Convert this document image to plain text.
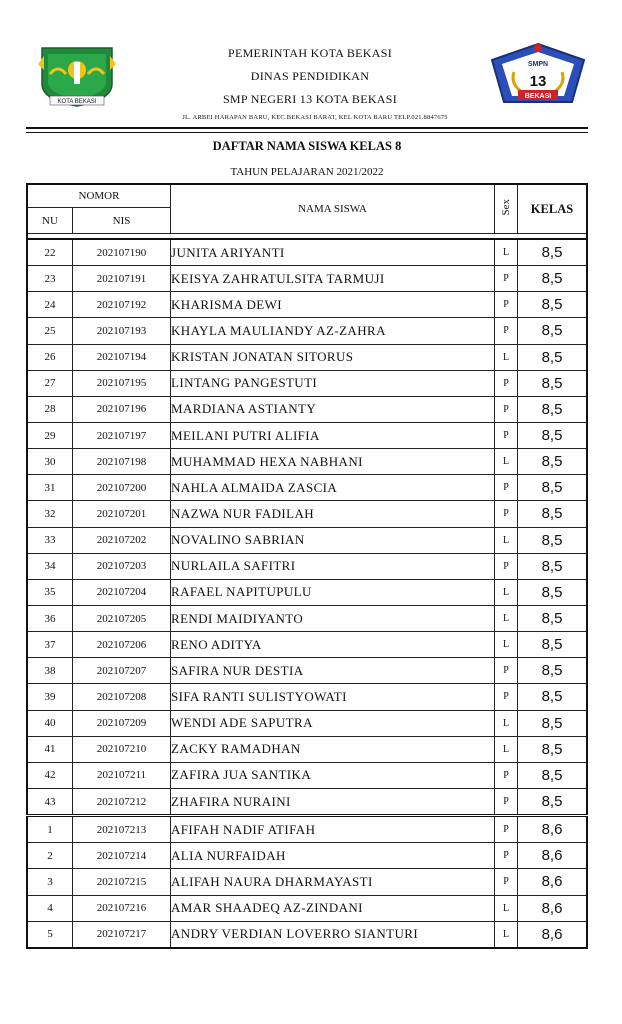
KOTA BEKASI
PEMERINTAH KOTA BEKASI
DINAS PENDIDIKAN
SMP NEGERI 13 KOTA BEKASI
JL. ARBEI HARAPAN BARU, KEC.BEKASI BARAT, KEL KOTA BARU TELP.021.8847675
SMPN
13
BEKASI
DAFTAR NAMA SISWA KELAS 8
TAHUN PELAJARAN 2021/2022
NOMOR		NAMA SISWA	Sex	KELAS
NU	NIS			

22	202107190	JUNITA ARIYANTI	L	8,5
23	202107191	KEISYA ZAHRATULSITA TARMUJI	P	8,5
24	202107192	KHARISMA DEWI	P	8,5
25	202107193	KHAYLA MAULIANDY AZ-ZAHRA	P	8,5
26	202107194	KRISTAN JONATAN SITORUS	L	8,5
27	202107195	LINTANG PANGESTUTI	P	8,5
28	202107196	MARDIANA ASTIANTY	P	8,5
29	202107197	MEILANI PUTRI ALIFIA	P	8,5
30	202107198	MUHAMMAD HEXA NABHANI	L	8,5
31	202107200	NAHLA ALMAIDA ZASCIA	P	8,5
32	202107201	NAZWA NUR FADILAH	P	8,5
33	202107202	NOVALINO SABRIAN	L	8,5
34	202107203	NURLAILA SAFITRI	P	8,5
35	202107204	RAFAEL NAPITUPULU	L	8,5
36	202107205	RENDI MAIDIYANTO	L	8,5
37	202107206	RENO ADITYA	L	8,5
38	202107207	SAFIRA NUR DESTIA	P	8,5
39	202107208	SIFA RANTI SULISTYOWATI	P	8,5
40	202107209	WENDI ADE SAPUTRA	L	8,5
41	202107210	ZACKY RAMADHAN	L	8,5
42	202107211	ZAFIRA JUA SANTIKA	P	8,5
43	202107212	ZHAFIRA NURAINI	P	8,5
1	202107213	AFIFAH NADIF ATIFAH	P	8,6
2	202107214	ALIA NURFAIDAH	P	8,6
3	202107215	ALIFAH NAURA DHARMAYASTI	P	8,6
4	202107216	AMAR SHAADEQ AZ-ZINDANI	L	8,6
5	202107217	ANDRY VERDIAN LOVERRO SIANTURI	L	8,6
